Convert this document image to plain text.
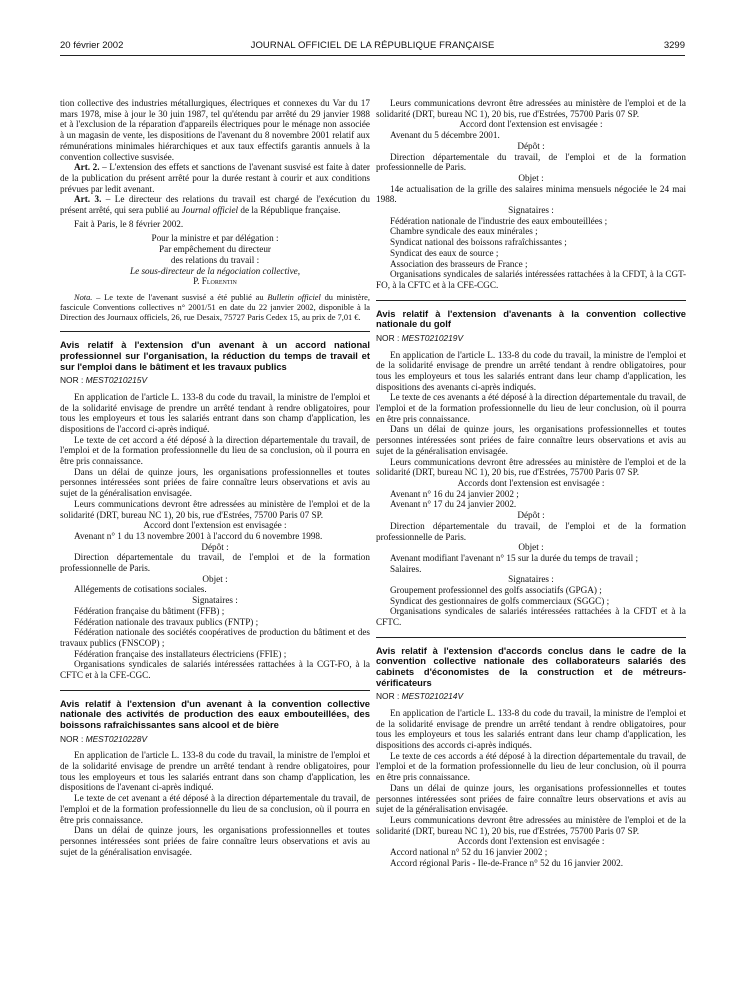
20 février 2002	JOURNAL OFFICIEL DE LA RÉPUBLIQUE FRANÇAISE	3299

tion collective des industries métallurgiques, électriques et connexes du Var du 17 mars 1978, mise à jour le 30 juin 1987, tel qu'étendu par arrêté du 29 janvier 1988 et à l'exclusion de la réparation d'appareils électriques pour le ménage non associée à un magasin de vente, les dispositions de l'avenant du 8 novembre 2001 relatif aux rémunérations minimales hiérarchiques et aux taux effectifs garantis annuels à la convention collective susvisée.

Art. 2. – L'extension des effets et sanctions de l'avenant susvisé est faite à dater de la publication du présent arrêté pour la durée restant à courir et aux conditions prévues par ledit avenant.

Art. 3. – Le directeur des relations du travail est chargé de l'exécution du présent arrêté, qui sera publié au Journal officiel de la République française.

Fait à Paris, le 8 février 2002.

Pour la ministre et par délégation :

Par empêchement du directeur

des relations du travail :

Le sous-directeur de la négociation collective,

P. Florentin

Nota. – Le texte de l'avenant susvisé a été publié au Bulletin officiel du ministère, fascicule Conventions collectives n° 2001/51 en date du 22 janvier 2002, disponible à la Direction des Journaux officiels, 26, rue Desaix, 75727 Paris Cedex 15, au prix de 7,01 €.

Avis relatif à l'extension d'un avenant à un accord national professionnel sur l'organisation, la réduction du temps de travail et sur l'emploi dans le bâtiment et les travaux publics

NOR : MESТ0210215V

En application de l'article L. 133-8 du code du travail, la ministre de l'emploi et de la solidarité envisage de prendre un arrêté tendant à rendre obligatoires, pour tous les employeurs et tous les salariés entrant dans son champ d'application, les dispositions de l'accord ci-après indiqué.

Le texte de cet accord a été déposé à la direction départementale du travail, de l'emploi et de la formation professionnelle du lieu de sa conclusion, où il pourra en être pris connaissance.

Dans un délai de quinze jours, les organisations professionnelles et toutes personnes intéressées sont priées de faire connaître leurs observations et avis au sujet de la généralisation envisagée.

Leurs communications devront être adressées au ministère de l'emploi et de la solidarité (DRT, bureau NC 1), 20 bis, rue d'Estrées, 75700 Paris 07 SP.

Accord dont l'extension est envisagée :

Avenant n° 1 du 13 novembre 2001 à l'accord du 6 novembre 1998.

Dépôt :

Direction départementale du travail, de l'emploi et de la formation professionnelle de Paris.

Objet :

Allégements de cotisations sociales.

Signataires :

Fédération française du bâtiment (FFB) ;

Fédération nationale des travaux publics (FNTP) ;

Fédération nationale des sociétés coopératives de production du bâtiment et des travaux publics (FNSCOP) ;

Fédération française des installateurs électriciens (FFIE) ;

Organisations syndicales de salariés intéressées rattachées à la CGT-FO, à la CFTC et à la CFE-CGC.

Avis relatif à l'extension d'un avenant à la convention collective nationale des activités de production des eaux embouteillées, des boissons rafraîchissantes sans alcool et de bière

NOR : MESТ0210228V

En application de l'article L. 133-8 du code du travail, la ministre de l'emploi et de la solidarité envisage de prendre un arrêté tendant à rendre obligatoires, pour tous les employeurs et tous les salariés entrant dans son champ d'application, les dispositions de l'avenant ci-après indiqué.

Le texte de cet avenant a été déposé à la direction départementale du travail, de l'emploi et de la formation professionnelle du lieu de sa conclusion, où il pourra en être pris connaissance.

Dans un délai de quinze jours, les organisations professionnelles et toutes personnes intéressées sont priées de faire connaître leurs observations et avis au sujet de la généralisation envisagée.

Leurs communications devront être adressées au ministère de l'emploi et de la solidarité (DRT, bureau NC 1), 20 bis, rue d'Estrées, 75700 Paris 07 SP.

Accord dont l'extension est envisagée :

Avenant du 5 décembre 2001.

Dépôt :

Direction départementale du travail, de l'emploi et de la formation professionnelle de Paris.

Objet :

14e actualisation de la grille des salaires minima mensuels négociée le 24 mai 1988.

Signataires :

Fédération nationale de l'industrie des eaux embouteillées ;

Chambre syndicale des eaux minérales ;

Syndicat national des boissons rafraîchissantes ;

Syndicat des eaux de source ;

Association des brasseurs de France ;

Organisations syndicales de salariés intéressées rattachées à la CFDT, à la CGT-FO, à la CFTC et à la CFE-CGC.

Avis relatif à l'extension d'avenants à la convention collective nationale du golf

NOR : MEST0210219V

En application de l'article L. 133-8 du code du travail, la ministre de l'emploi et de la solidarité envisage de prendre un arrêté tendant à rendre obligatoires, pour tous les employeurs et tous les salariés entrant dans leur champ d'application, les dispositions des avenants ci-après indiqués.

Le texte de ces avenants a été déposé à la direction départementale du travail, de l'emploi et de la formation professionnelle du lieu de leur conclusion, où il pourra en être pris connaissance.

Dans un délai de quinze jours, les organisations professionnelles et toutes personnes intéressées sont priées de faire connaître leurs observations et avis au sujet de la généralisation envisagée.

Leurs communications devront être adressées au ministère de l'emploi et de la solidarité (DRT, bureau NC 1), 20 bis, rue d'Estrées, 75700 Paris 07 SP.

Accords dont l'extension est envisagée :

Avenant n° 16 du 24 janvier 2002 ;

Avenant n° 17 du 24 janvier 2002.

Dépôt :

Direction départementale du travail, de l'emploi et de la formation professionnelle de Paris.

Objet :

Avenant modifiant l'avenant n° 15 sur la durée du temps de travail ;

Salaires.

Signataires :

Groupement professionnel des golfs associatifs (GPGA) ;

Syndicat des gestionnaires de golfs commerciaux (SGGC) ;

Organisations syndicales de salariés intéressées rattachées à la CFDT et à la CFTC.

Avis relatif à l'extension d'accords conclus dans le cadre de la convention collective nationale des collaborateurs salariés des cabinets d'économistes de la construction et de métreurs-vérificateurs

NOR : MEST0210214V

En application de l'article L. 133-8 du code du travail, la ministre de l'emploi et de la solidarité envisage de prendre un arrêté tendant à rendre obligatoires, pour tous les employeurs et tous les salariés entrant dans leur champ d'application, les dispositions des accords ci-après indiqués.

Le texte de ces accords a été déposé à la direction départementale du travail, de l'emploi et de la formation professionnelle du lieu de leur conclusion, où il pourra en être pris connaissance.

Dans un délai de quinze jours, les organisations professionnelles et toutes personnes intéressées sont priées de faire connaître leurs observations et avis au sujet de la généralisation envisagée.

Leurs communications devront être adressées au ministère de l'emploi et de la solidarité (DRT, bureau NC 1), 20 bis, rue d'Estrées, 75700 Paris 07 SP.

Accords dont l'extension est envisagée :

Accord national n° 52 du 16 janvier 2002 ;

Accord régional Paris - Ile-de-France n° 52 du 16 janvier 2002.
